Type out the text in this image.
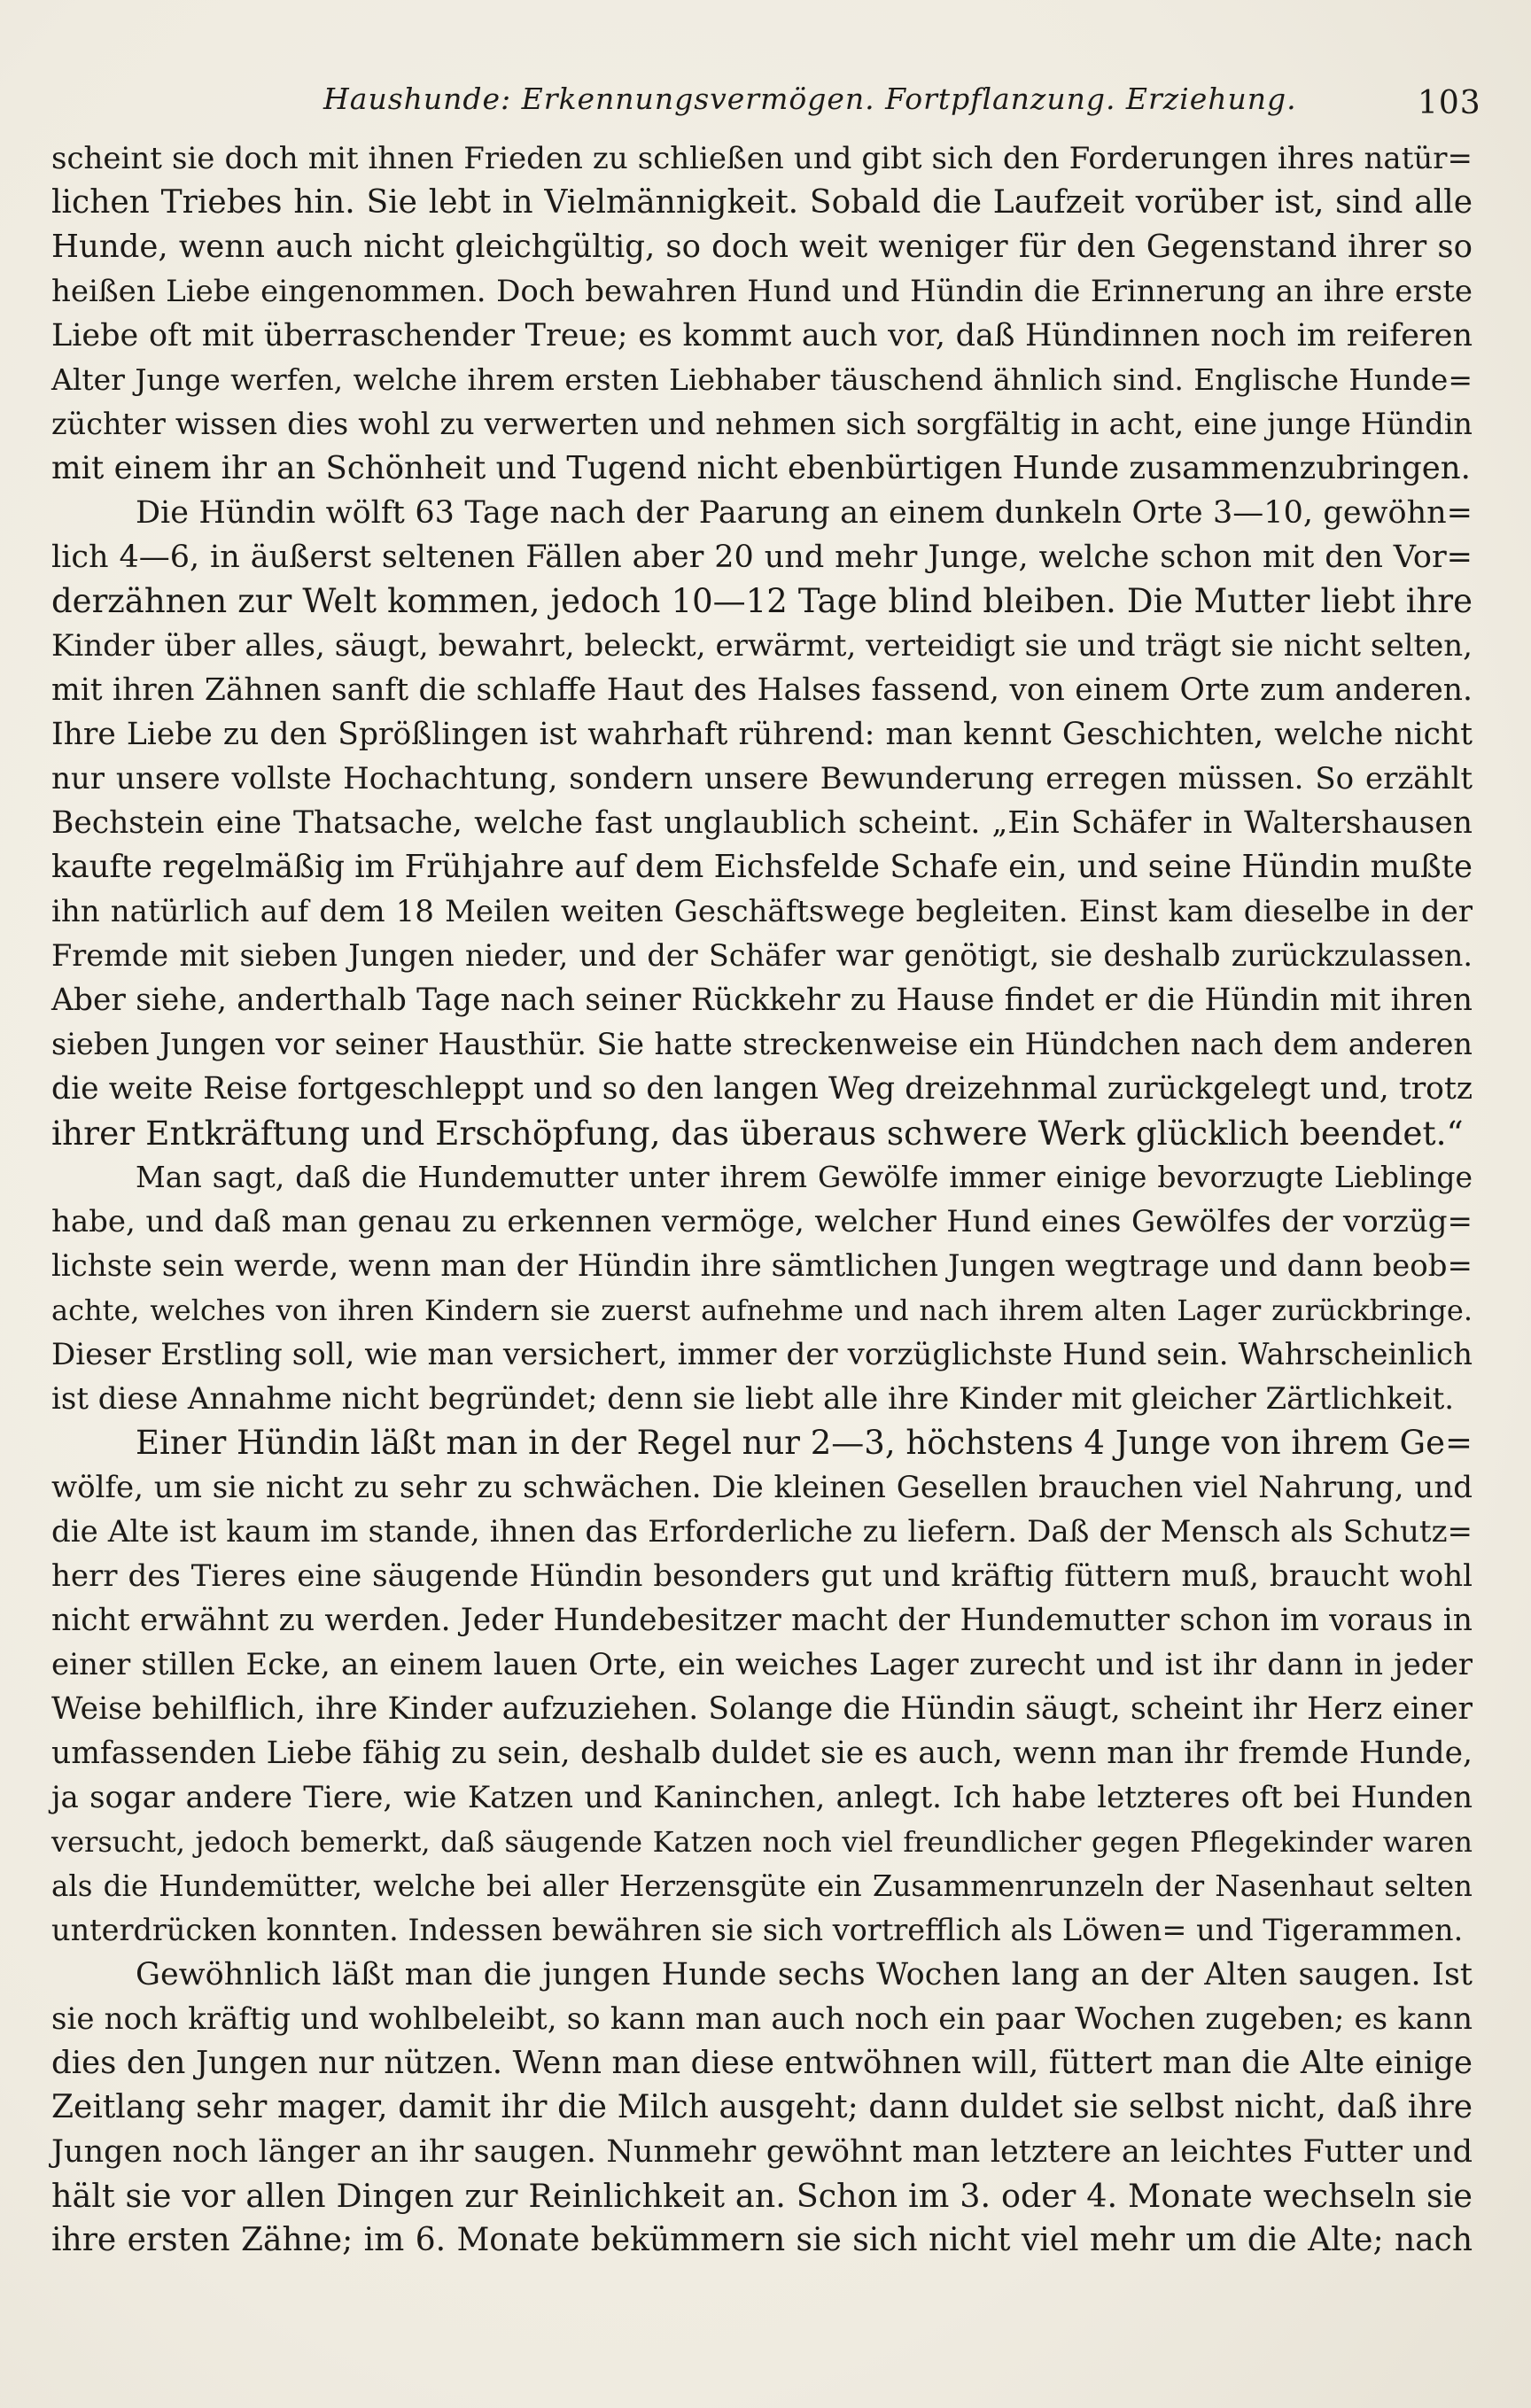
Haushunde: Erkennungsvermögen. Fortpflanzung. Erziehung.	103
scheint sie doch mit ihnen Frieden zu schließen und gibt sich den Forderungen ihres natür=
lichen Triebes hin. Sie lebt in Vielmännigkeit. Sobald die Laufzeit vorüber ist, sind alle
Hunde, wenn auch nicht gleichgültig, so doch weit weniger für den Gegenstand ihrer so
heißen Liebe eingenommen. Doch bewahren Hund und Hündin die Erinnerung an ihre erste
Liebe oft mit überraschender Treue; es kommt auch vor, daß Hündinnen noch im reiferen
Alter Junge werfen, welche ihrem ersten Liebhaber täuschend ähnlich sind. Englische Hunde=
züchter wissen dies wohl zu verwerten und nehmen sich sorgfältig in acht, eine junge Hündin
mit einem ihr an Schönheit und Tugend nicht ebenbürtigen Hunde zusammenzubringen.
Die Hündin wölft 63 Tage nach der Paarung an einem dunkeln Orte 3—10, gewöhn=
lich 4—6, in äußerst seltenen Fällen aber 20 und mehr Junge, welche schon mit den Vor=
derzähnen zur Welt kommen, jedoch 10—12 Tage blind bleiben. Die Mutter liebt ihre
Kinder über alles, säugt, bewahrt, beleckt, erwärmt, verteidigt sie und trägt sie nicht selten,
mit ihren Zähnen sanft die schlaffe Haut des Halses fassend, von einem Orte zum anderen.
Ihre Liebe zu den Sprößlingen ist wahrhaft rührend: man kennt Geschichten, welche nicht
nur unsere vollste Hochachtung, sondern unsere Bewunderung erregen müssen. So erzählt
Bechstein eine Thatsache, welche fast unglaublich scheint. „Ein Schäfer in Waltershausen
kaufte regelmäßig im Frühjahre auf dem Eichsfelde Schafe ein, und seine Hündin mußte
ihn natürlich auf dem 18 Meilen weiten Geschäftswege begleiten. Einst kam dieselbe in der
Fremde mit sieben Jungen nieder, und der Schäfer war genötigt, sie deshalb zurückzulassen.
Aber siehe, anderthalb Tage nach seiner Rückkehr zu Hause findet er die Hündin mit ihren
sieben Jungen vor seiner Hausthür. Sie hatte streckenweise ein Hündchen nach dem anderen
die weite Reise fortgeschleppt und so den langen Weg dreizehnmal zurückgelegt und, trotz
ihrer Entkräftung und Erschöpfung, das überaus schwere Werk glücklich beendet.“
Man sagt, daß die Hundemutter unter ihrem Gewölfe immer einige bevorzugte Lieblinge
habe, und daß man genau zu erkennen vermöge, welcher Hund eines Gewölfes der vorzüg=
lichste sein werde, wenn man der Hündin ihre sämtlichen Jungen wegtrage und dann beob=
achte, welches von ihren Kindern sie zuerst aufnehme und nach ihrem alten Lager zurückbringe.
Dieser Erstling soll, wie man versichert, immer der vorzüglichste Hund sein. Wahrscheinlich
ist diese Annahme nicht begründet; denn sie liebt alle ihre Kinder mit gleicher Zärtlichkeit.
Einer Hündin läßt man in der Regel nur 2—3, höchstens 4 Junge von ihrem Ge=
wölfe, um sie nicht zu sehr zu schwächen. Die kleinen Gesellen brauchen viel Nahrung, und
die Alte ist kaum im stande, ihnen das Erforderliche zu liefern. Daß der Mensch als Schutz=
herr des Tieres eine säugende Hündin besonders gut und kräftig füttern muß, braucht wohl
nicht erwähnt zu werden. Jeder Hundebesitzer macht der Hundemutter schon im voraus in
einer stillen Ecke, an einem lauen Orte, ein weiches Lager zurecht und ist ihr dann in jeder
Weise behilflich, ihre Kinder aufzuziehen. Solange die Hündin säugt, scheint ihr Herz einer
umfassenden Liebe fähig zu sein, deshalb duldet sie es auch, wenn man ihr fremde Hunde,
ja sogar andere Tiere, wie Katzen und Kaninchen, anlegt. Ich habe letzteres oft bei Hunden
versucht, jedoch bemerkt, daß säugende Katzen noch viel freundlicher gegen Pflegekinder waren
als die Hundemütter, welche bei aller Herzensgüte ein Zusammenrunzeln der Nasenhaut selten
unterdrücken konnten. Indessen bewähren sie sich vortrefflich als Löwen= und Tigerammen.
Gewöhnlich läßt man die jungen Hunde sechs Wochen lang an der Alten saugen. Ist
sie noch kräftig und wohlbeleibt, so kann man auch noch ein paar Wochen zugeben; es kann
dies den Jungen nur nützen. Wenn man diese entwöhnen will, füttert man die Alte einige
Zeitlang sehr mager, damit ihr die Milch ausgeht; dann duldet sie selbst nicht, daß ihre
Jungen noch länger an ihr saugen. Nunmehr gewöhnt man letztere an leichtes Futter und
hält sie vor allen Dingen zur Reinlichkeit an. Schon im 3. oder 4. Monate wechseln sie
ihre ersten Zähne; im 6. Monate bekümmern sie sich nicht viel mehr um die Alte; nach
